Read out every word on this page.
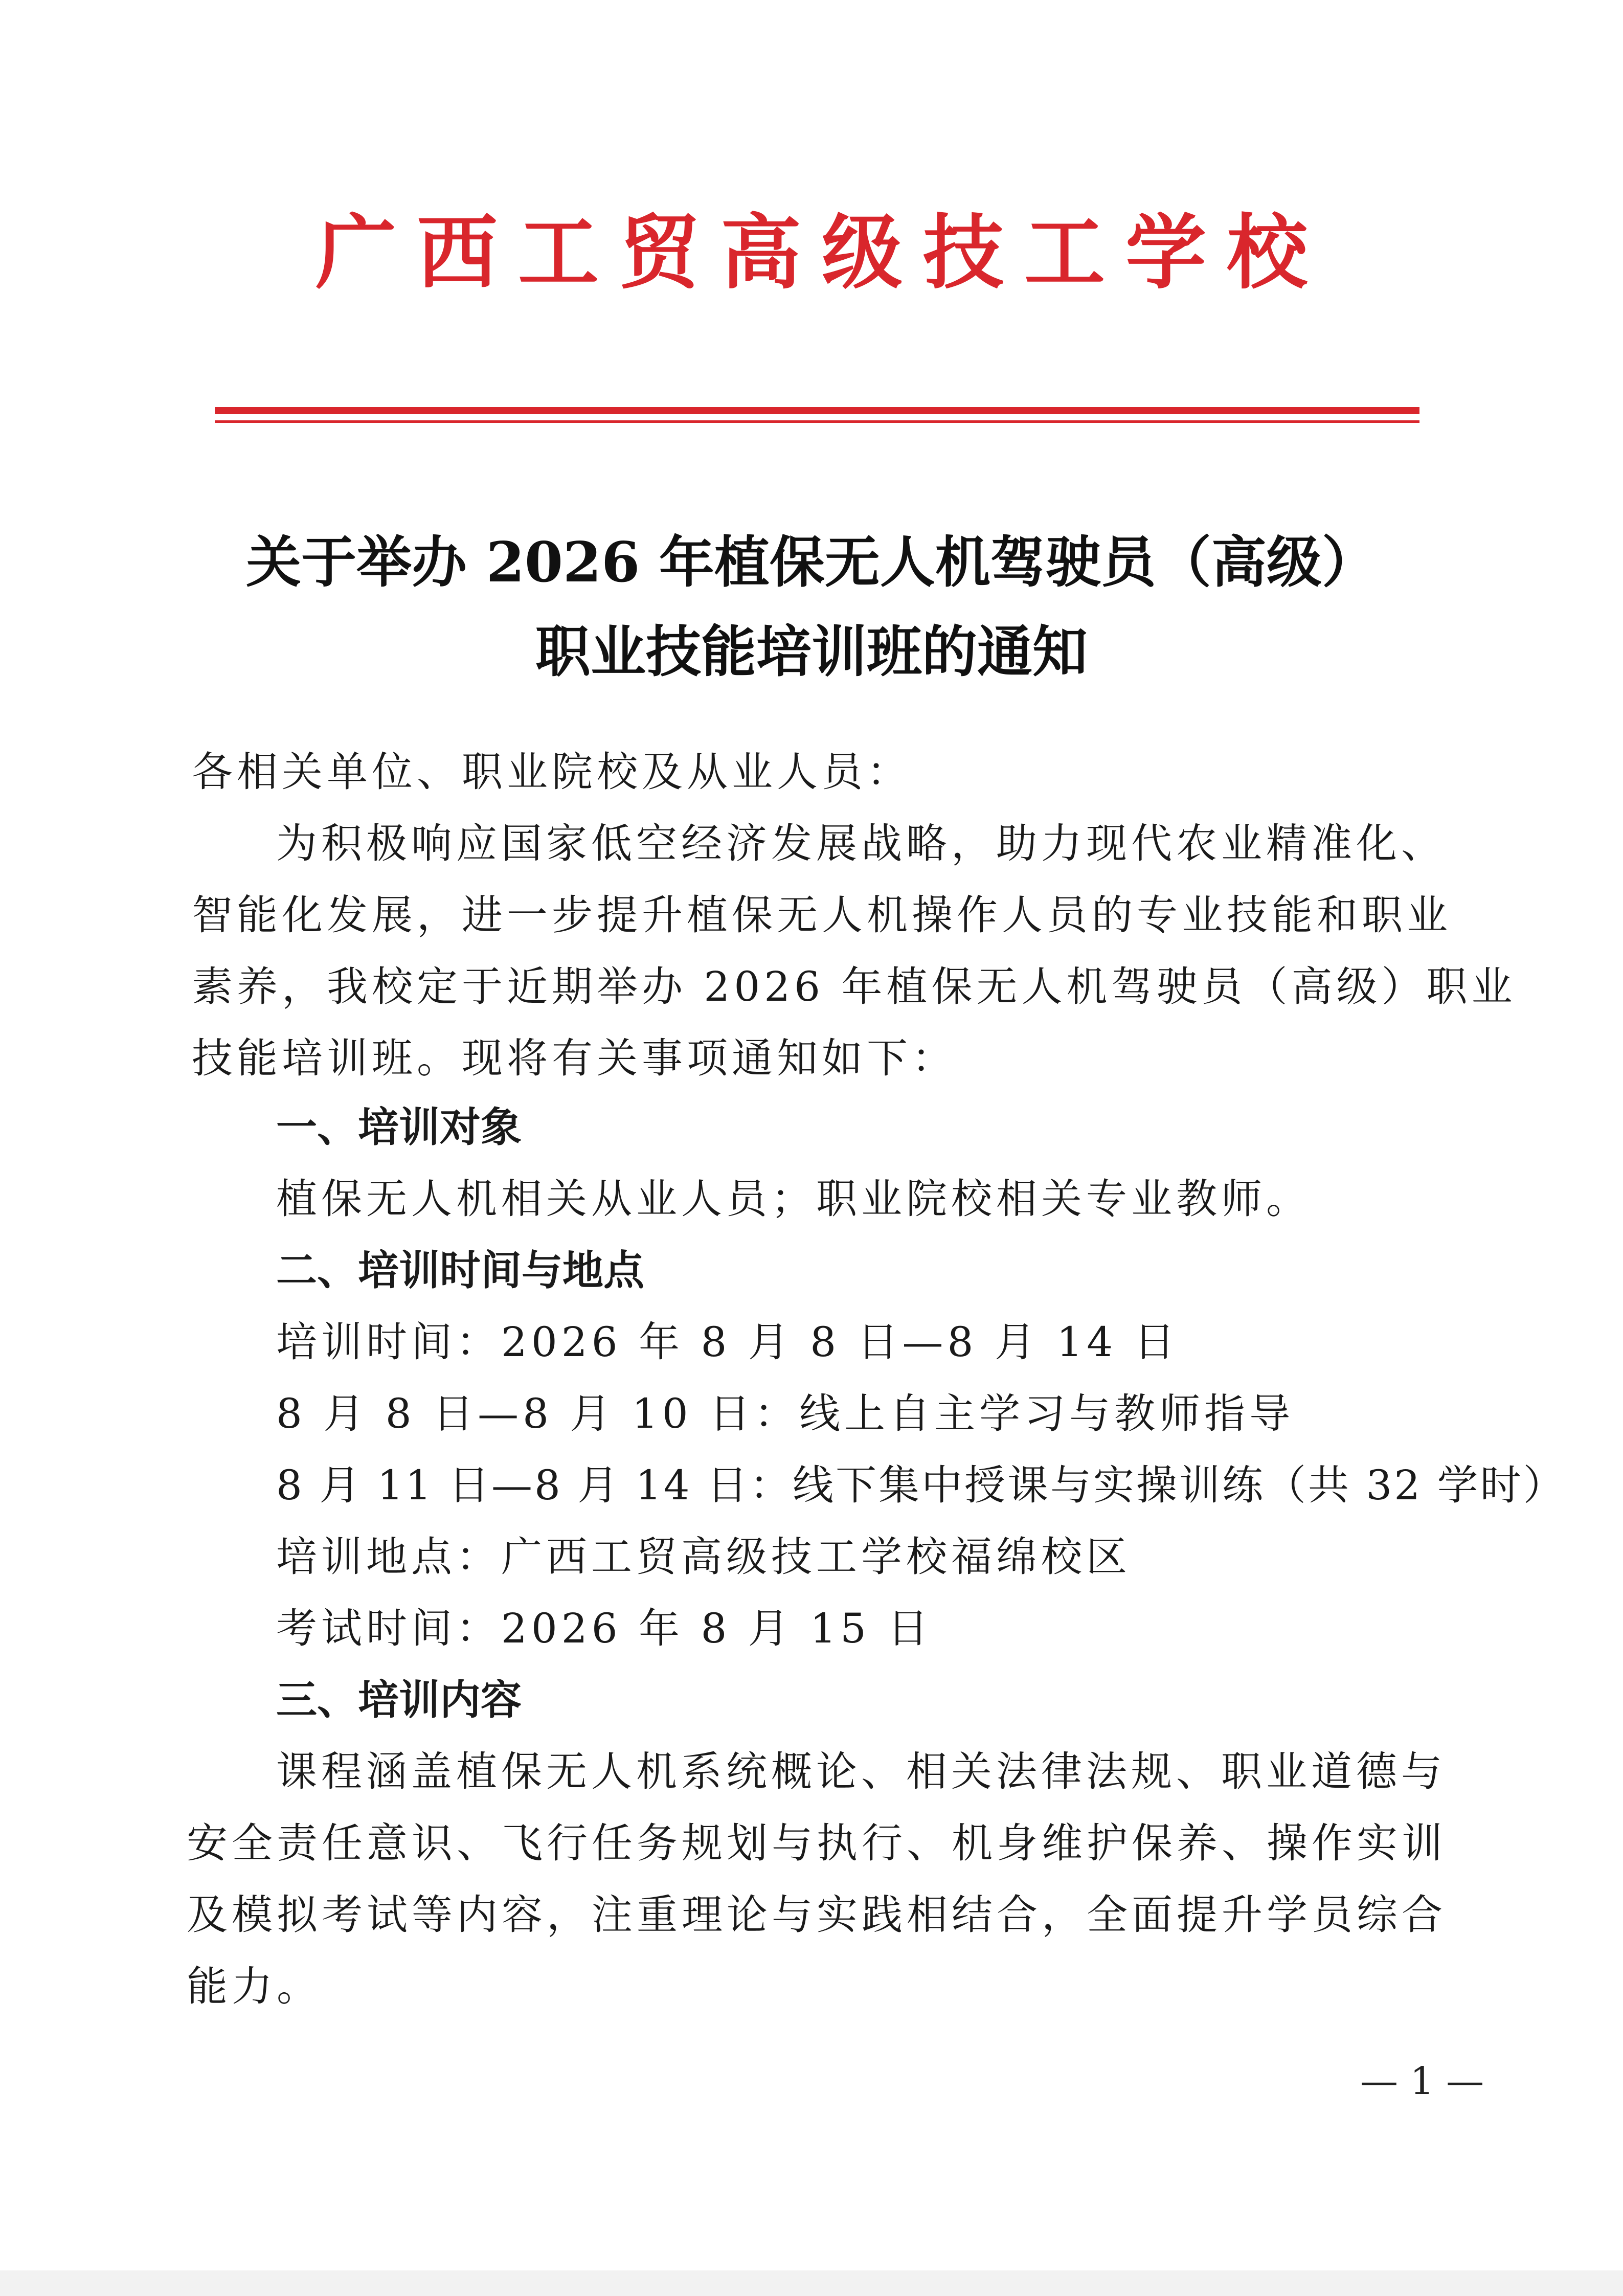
广西工贸高级技工学校
关于举办 2026 年植保无人机驾驶员（高级）
职业技能培训班的通知
各相关单位、职业院校及从业人员：
为积极响应国家低空经济发展战略，助力现代农业精准化、
智能化发展，进一步提升植保无人机操作人员的专业技能和职业
素养，我校定于近期举办 2026 年植保无人机驾驶员（高级）职业
技能培训班。现将有关事项通知如下：
一、培训对象
植保无人机相关从业人员；职业院校相关专业教师。
二、培训时间与地点
培训时间：2026 年 8 月 8 日—8 月 14 日
8 月 8 日—8 月 10 日：线上自主学习与教师指导
8 月 11 日—8 月 14 日：线下集中授课与实操训练（共 32 学时）
培训地点：广西工贸高级技工学校福绵校区
考试时间：2026 年 8 月 15 日
三、培训内容
课程涵盖植保无人机系统概论、相关法律法规、职业道德与
安全责任意识、飞行任务规划与执行、机身维护保养、操作实训
及模拟考试等内容，注重理论与实践相结合，全面提升学员综合
能力。
— 1 —
